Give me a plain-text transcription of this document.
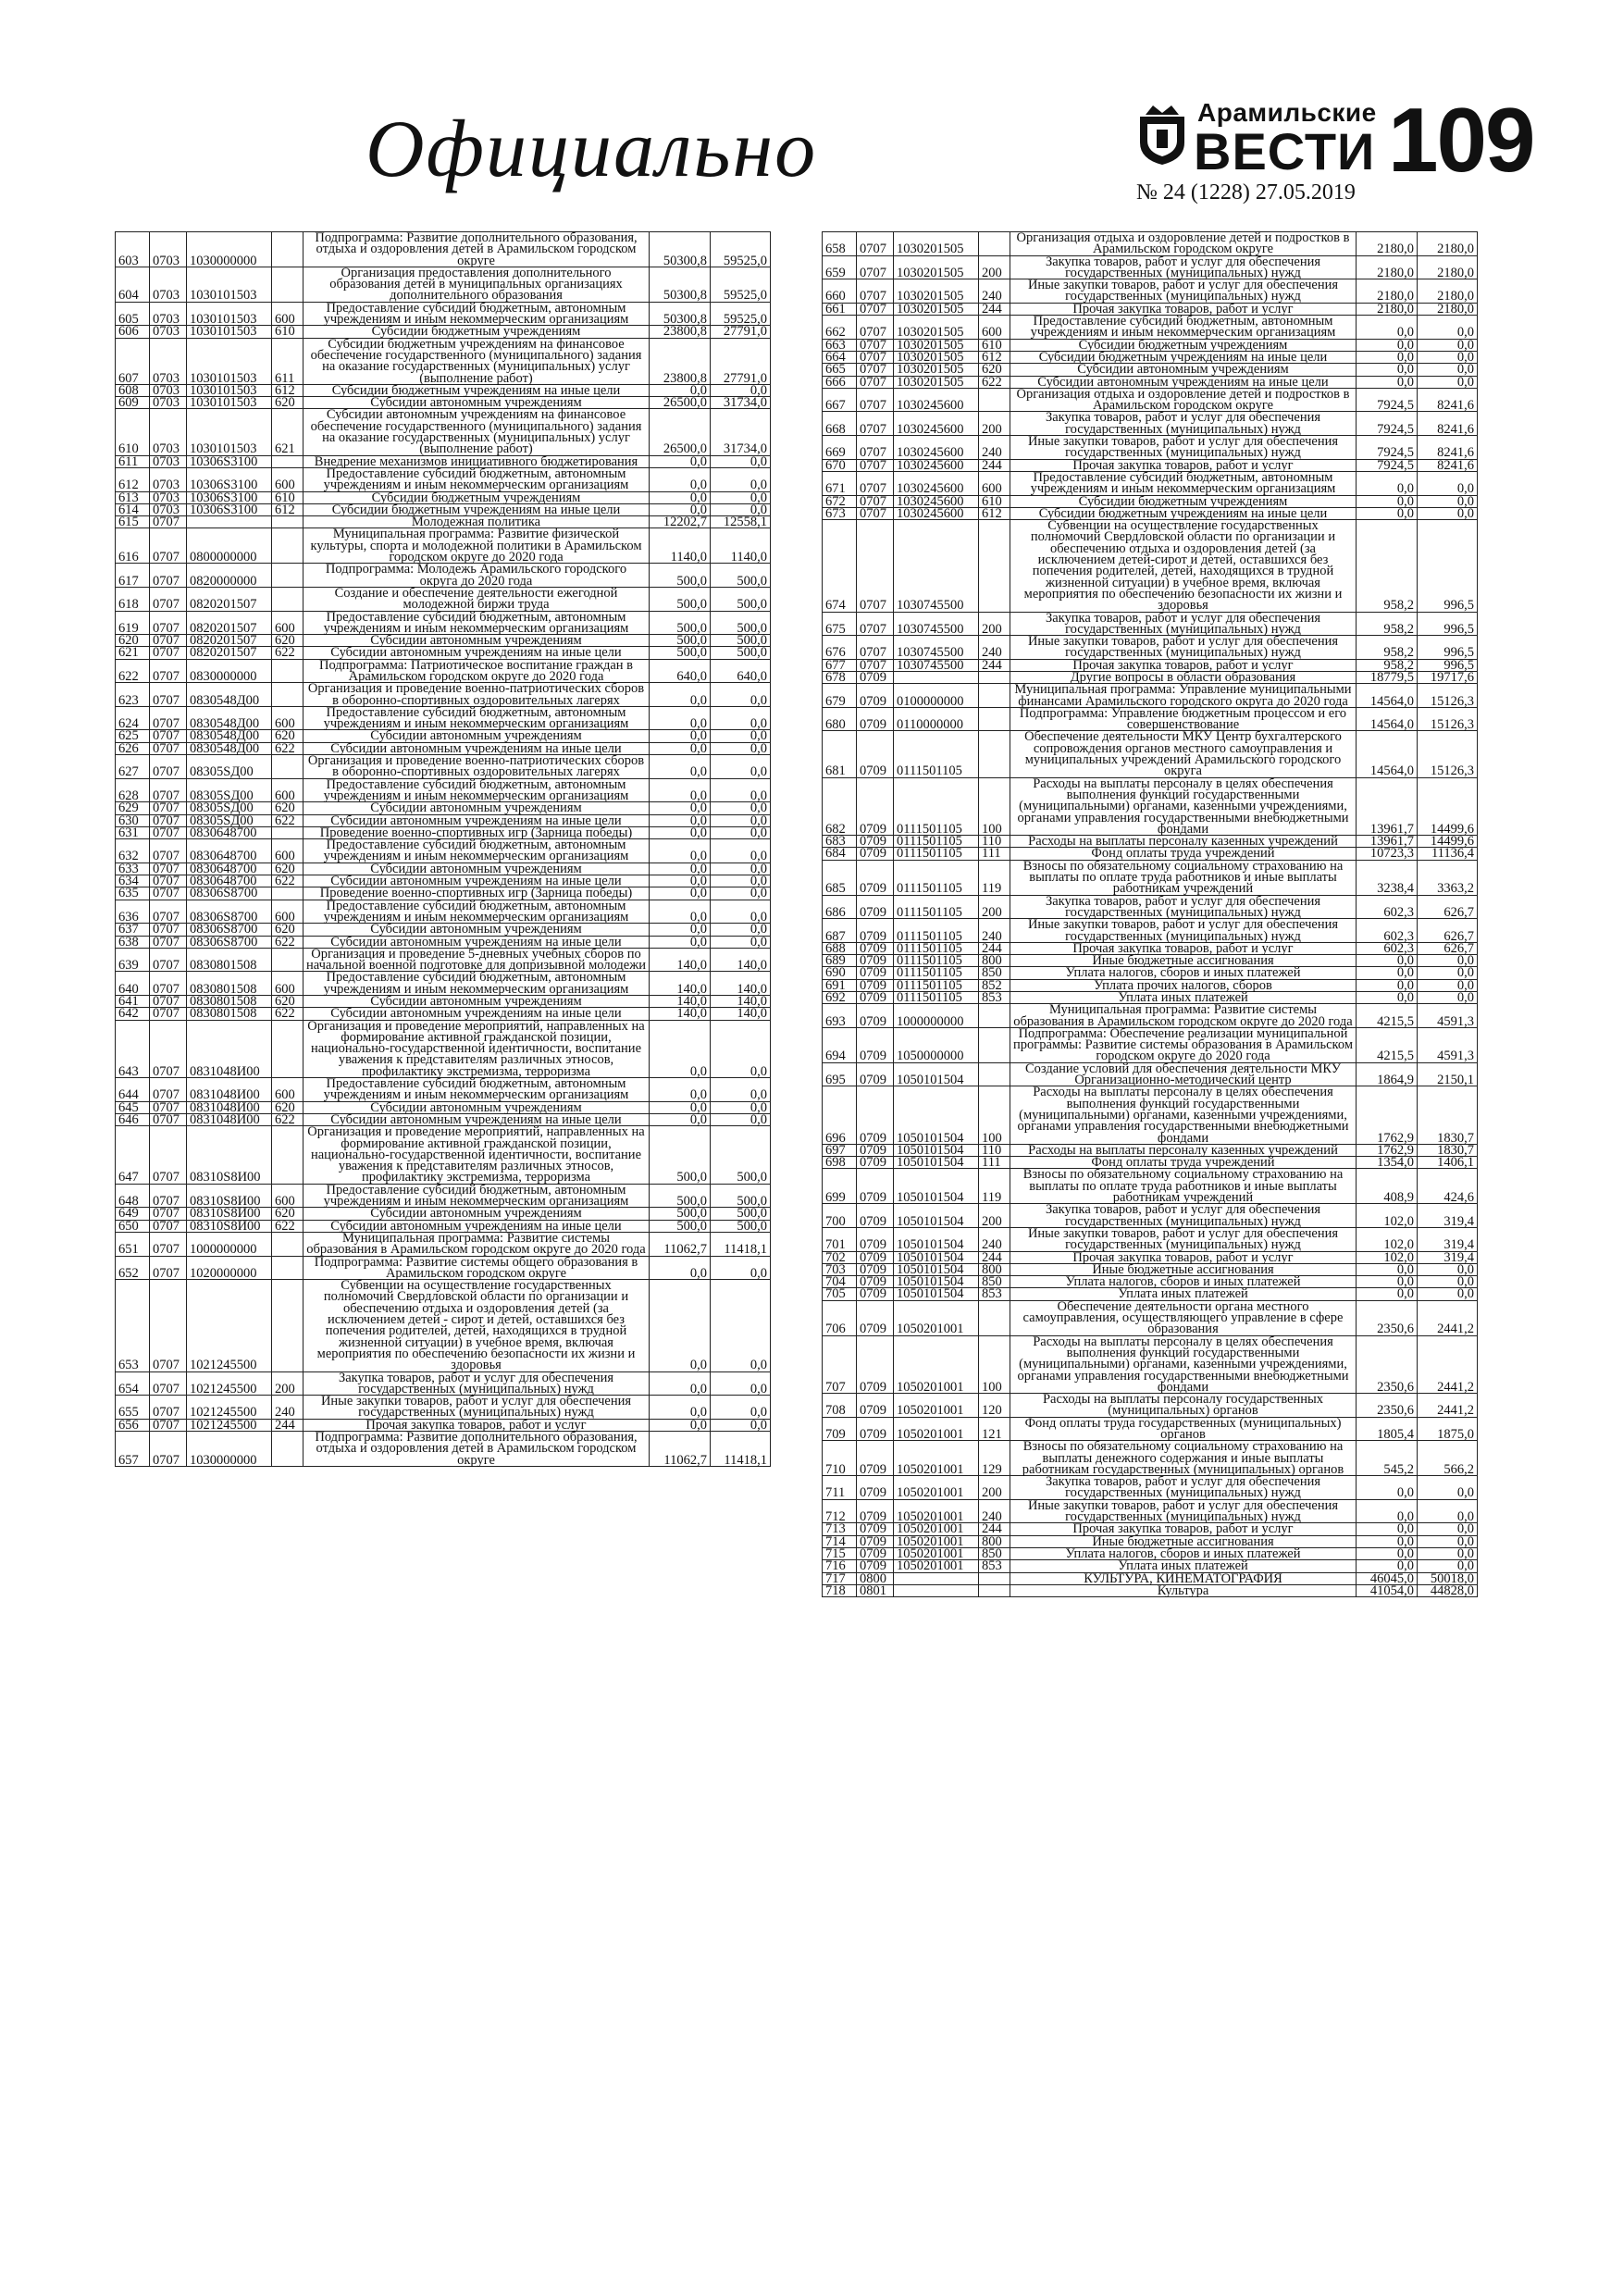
Официально	Арамильские
ВЕСТИ 109
№ 24 (1228) 27.05.2019
603	0703	1030000000		Подпрограмма: Развитие дополнительного образования, отдыха и оздоровления детей в Арамильском городском округе	50300,8	59525,0
604	0703	1030101503		Организация предоставления дополнительного образования детей в муниципальных организациях дополнительного образования	50300,8	59525,0
605	0703	1030101503	600	Предоставление субсидий бюджетным, автономным учреждениям и иным некоммерческим организациям	50300,8	59525,0
606	0703	1030101503	610	Субсидии бюджетным учреждениям	23800,8	27791,0
607	0703	1030101503	611	Субсидии бюджетным учреждениям на финансовое обеспечение государственного (муниципального) задания на оказание государственных (муниципальных) услуг (выполнение работ)	23800,8	27791,0
608	0703	1030101503	612	Субсидии бюджетным учреждениям на иные цели	0,0	0,0
609	0703	1030101503	620	Субсидии автономным учреждениям	26500,0	31734,0
610	0703	1030101503	621	Субсидии автономным учреждениям на финансовое обеспечение государственного (муниципального) задания на оказание государственных (муниципальных) услуг (выполнение работ)	26500,0	31734,0
611	0703	10306S3100		Внедрение механизмов инициативного бюджетирования	0,0	0,0
612	0703	10306S3100	600	Предоставление субсидий бюджетным, автономным учреждениям и иным некоммерческим организациям	0,0	0,0
613	0703	10306S3100	610	Субсидии бюджетным учреждениям	0,0	0,0
614	0703	10306S3100	612	Субсидии бюджетным учреждениям на иные цели	0,0	0,0
615	0707			Молодежная политика	12202,7	12558,1
616	0707	0800000000		Муниципальная программа: Развитие физической культуры, спорта и молодежной политики в Арамильском городском округе до 2020 года	1140,0	1140,0
617	0707	0820000000		Подпрограмма: Молодежь Арамильского городского округа до 2020 года	500,0	500,0
618	0707	0820201507		Создание и обеспечение деятельности ежегодной молодежной биржи труда	500,0	500,0
619	0707	0820201507	600	Предоставление субсидий бюджетным, автономным учреждениям и иным некоммерческим организациям	500,0	500,0
620	0707	0820201507	620	Субсидии автономным учреждениям	500,0	500,0
621	0707	0820201507	622	Субсидии автономным учреждениям на иные цели	500,0	500,0
622	0707	0830000000		Подпрограмма: Патриотическое воспитание граждан в Арамильском городском округе до 2020 года	640,0	640,0
623	0707	0830548Д00		Организация и проведение военно-патриотических сборов в оборонно-спортивных оздоровительных лагерях	0,0	0,0
624	0707	0830548Д00	600	Предоставление субсидий бюджетным, автономным учреждениям и иным некоммерческим организациям	0,0	0,0
625	0707	0830548Д00	620	Субсидии автономным учреждениям	0,0	0,0
626	0707	0830548Д00	622	Субсидии автономным учреждениям на иные цели	0,0	0,0
627	0707	08305SД00		Организация и проведение военно-патриотических сборов в оборонно-спортивных оздоровительных лагерях	0,0	0,0
628	0707	08305SД00	600	Предоставление субсидий бюджетным, автономным учреждениям и иным некоммерческим организациям	0,0	0,0
629	0707	08305SД00	620	Субсидии автономным учреждениям	0,0	0,0
630	0707	08305SД00	622	Субсидии автономным учреждениям на иные цели	0,0	0,0
631	0707	0830648700		Проведение военно-спортивных игр (Зарница победы)	0,0	0,0
632	0707	0830648700	600	Предоставление субсидий бюджетным, автономным учреждениям и иным некоммерческим организациям	0,0	0,0
633	0707	0830648700	620	Субсидии автономным учреждениям	0,0	0,0
634	0707	0830648700	622	Субсидии автономным учреждениям на иные цели	0,0	0,0
635	0707	08306S8700		Проведение военно-спортивных игр (Зарница победы)	0,0	0,0
636	0707	08306S8700	600	Предоставление субсидий бюджетным, автономным учреждениям и иным некоммерческим организациям	0,0	0,0
637	0707	08306S8700	620	Субсидии автономным учреждениям	0,0	0,0
638	0707	08306S8700	622	Субсидии автономным учреждениям на иные цели	0,0	0,0
639	0707	0830801508		Организация и проведение 5-дневных учебных сборов по начальной военной подготовке для допризывной молодежи	140,0	140,0
640	0707	0830801508	600	Предоставление субсидий бюджетным, автономным учреждениям и иным некоммерческим организациям	140,0	140,0
641	0707	0830801508	620	Субсидии автономным учреждениям	140,0	140,0
642	0707	0830801508	622	Субсидии автономным учреждениям на иные цели	140,0	140,0
643	0707	0831048И00		Организация и проведение мероприятий, направленных на формирование активной гражданской позиции, национально-государственной идентичности, воспитание уважения к представителям различных этносов, профилактику экстремизма, терроризма	0,0	0,0
644	0707	0831048И00	600	Предоставление субсидий бюджетным, автономным учреждениям и иным некоммерческим организациям	0,0	0,0
645	0707	0831048И00	620	Субсидии автономным учреждениям	0,0	0,0
646	0707	0831048И00	622	Субсидии автономным учреждениям на иные цели	0,0	0,0
647	0707	08310S8И00		Организация и проведение мероприятий, направленных на формирование активной гражданской позиции, национально-государственной идентичности, воспитание уважения к представителям различных этносов, профилактику экстремизма, терроризма	500,0	500,0
648	0707	08310S8И00	600	Предоставление субсидий бюджетным, автономным учреждениям и иным некоммерческим организациям	500,0	500,0
649	0707	08310S8И00	620	Субсидии автономным учреждениям	500,0	500,0
650	0707	08310S8И00	622	Субсидии автономным учреждениям на иные цели	500,0	500,0
651	0707	1000000000		Муниципальная программа: Развитие системы образования в Арамильском городском округе до 2020 года	11062,7	11418,1
652	0707	1020000000		Подпрограмма: Развитие системы общего образования в Арамильском городском округе	0,0	0,0
653	0707	1021245500		Субвенции на осуществление государственных полномочий Свердловской области по организации и обеспечению отдыха и оздоровления детей (за исключением детей - сирот и детей, оставшихся без попечения родителей, детей, находящихся в трудной жизненной ситуации) в учебное время, включая мероприятия по обеспечению безопасности их жизни и здоровья	0,0	0,0
654	0707	1021245500	200	Закупка товаров, работ и услуг для обеспечения государственных (муниципальных) нужд	0,0	0,0
655	0707	1021245500	240	Иные закупки товаров, работ и услуг для обеспечения государственных (муниципальных) нужд	0,0	0,0
656	0707	1021245500	244	Прочая закупка товаров, работ и услуг	0,0	0,0
657	0707	1030000000		Подпрограмма: Развитие дополнительного образования, отдыха и оздоровления детей в Арамильском городском округе	11062,7	11418,1
658	0707	1030201505		Организация отдыха и оздоровление детей и подростков в Арамильском городском округе	2180,0	2180,0
659	0707	1030201505	200	Закупка товаров, работ и услуг для обеспечения государственных (муниципальных) нужд	2180,0	2180,0
660	0707	1030201505	240	Иные закупки товаров, работ и услуг для обеспечения государственных (муниципальных) нужд	2180,0	2180,0
661	0707	1030201505	244	Прочая закупка товаров, работ и услуг	2180,0	2180,0
662	0707	1030201505	600	Предоставление субсидий бюджетным, автономным учреждениям и иным некоммерческим организациям	0,0	0,0
663	0707	1030201505	610	Субсидии бюджетным учреждениям	0,0	0,0
664	0707	1030201505	612	Субсидии бюджетным учреждениям на иные цели	0,0	0,0
665	0707	1030201505	620	Субсидии автономным учреждениям	0,0	0,0
666	0707	1030201505	622	Субсидии автономным учреждениям на иные цели	0,0	0,0
667	0707	1030245600		Организация отдыха и оздоровление детей и подростков в Арамильском городском округе	7924,5	8241,6
668	0707	1030245600	200	Закупка товаров, работ и услуг для обеспечения государственных (муниципальных) нужд	7924,5	8241,6
669	0707	1030245600	240	Иные закупки товаров, работ и услуг для обеспечения государственных (муниципальных) нужд	7924,5	8241,6
670	0707	1030245600	244	Прочая закупка товаров, работ и услуг	7924,5	8241,6
671	0707	1030245600	600	Предоставление субсидий бюджетным, автономным учреждениям и иным некоммерческим организациям	0,0	0,0
672	0707	1030245600	610	Субсидии бюджетным учреждениям	0,0	0,0
673	0707	1030245600	612	Субсидии бюджетным учреждениям на иные цели	0,0	0,0
674	0707	1030745500		Субвенции на осуществление государственных полномочий Свердловской области по организации и обеспечению отдыха и оздоровления детей (за исключением детей-сирот и детей, оставшихся без попечения родителей, детей, находящихся в трудной жизненной ситуации) в учебное время, включая мероприятия по обеспечению безопасности их жизни и здоровья	958,2	996,5
675	0707	1030745500	200	Закупка товаров, работ и услуг для обеспечения государственных (муниципальных) нужд	958,2	996,5
676	0707	1030745500	240	Иные закупки товаров, работ и услуг для обеспечения государственных (муниципальных) нужд	958,2	996,5
677	0707	1030745500	244	Прочая закупка товаров, работ и услуг	958,2	996,5
678	0709			Другие вопросы в области образования	18779,5	19717,6
679	0709	0100000000		Муниципальная программа: Управление муниципальными финансами Арамильского городского округа до 2020 года	14564,0	15126,3
680	0709	0110000000		Подпрограмма: Управление бюджетным процессом и его совершенствование	14564,0	15126,3
681	0709	0111501105		Обеспечение деятельности МКУ Центр бухгалтерского сопровождения органов местного самоуправления и муниципальных учреждений Арамильского городского округа	14564,0	15126,3
682	0709	0111501105	100	Расходы на выплаты персоналу в целях обеспечения выполнения функций государственными (муниципальными) органами, казенными учреждениями, органами управления государственными внебюджетными фондами	13961,7	14499,6
683	0709	0111501105	110	Расходы на выплаты персоналу казенных учреждений	13961,7	14499,6
684	0709	0111501105	111	Фонд оплаты труда учреждений	10723,3	11136,4
685	0709	0111501105	119	Взносы по обязательному социальному страхованию на выплаты по оплате труда работников и иные выплаты работникам учреждений	3238,4	3363,2
686	0709	0111501105	200	Закупка товаров, работ и услуг для обеспечения государственных (муниципальных) нужд	602,3	626,7
687	0709	0111501105	240	Иные закупки товаров, работ и услуг для обеспечения государственных (муниципальных) нужд	602,3	626,7
688	0709	0111501105	244	Прочая закупка товаров, работ и услуг	602,3	626,7
689	0709	0111501105	800	Иные бюджетные ассигнования	0,0	0,0
690	0709	0111501105	850	Уплата налогов, сборов и иных платежей	0,0	0,0
691	0709	0111501105	852	Уплата прочих налогов, сборов	0,0	0,0
692	0709	0111501105	853	Уплата иных платежей	0,0	0,0
693	0709	1000000000		Муниципальная программа: Развитие системы образования в Арамильском городском округе до 2020 года	4215,5	4591,3
694	0709	1050000000		Подпрограмма: Обеспечение реализации муниципальной программы: Развитие системы образования в Арамильском городском округе до 2020 года	4215,5	4591,3
695	0709	1050101504		Создание условий для обеспечения деятельности МКУ Организационно-методический центр	1864,9	2150,1
696	0709	1050101504	100	Расходы на выплаты персоналу в целях обеспечения выполнения функций государственными (муниципальными) органами, казенными учреждениями, органами управления государственными внебюджетными фондами	1762,9	1830,7
697	0709	1050101504	110	Расходы на выплаты персоналу казенных учреждений	1762,9	1830,7
698	0709	1050101504	111	Фонд оплаты труда учреждений	1354,0	1406,1
699	0709	1050101504	119	Взносы по обязательному социальному страхованию на выплаты по оплате труда работников и иные выплаты работникам учреждений	408,9	424,6
700	0709	1050101504	200	Закупка товаров, работ и услуг для обеспечения государственных (муниципальных) нужд	102,0	319,4
701	0709	1050101504	240	Иные закупки товаров, работ и услуг для обеспечения государственных (муниципальных) нужд	102,0	319,4
702	0709	1050101504	244	Прочая закупка товаров, работ и услуг	102,0	319,4
703	0709	1050101504	800	Иные бюджетные ассигнования	0,0	0,0
704	0709	1050101504	850	Уплата налогов, сборов и иных платежей	0,0	0,0
705	0709	1050101504	853	Уплата иных платежей	0,0	0,0
706	0709	1050201001		Обеспечение деятельности органа местного самоуправления, осуществляющего управление в сфере образования	2350,6	2441,2
707	0709	1050201001	100	Расходы на выплаты персоналу в целях обеспечения выполнения функций государственными (муниципальными) органами, казенными учреждениями, органами управления государственными внебюджетными фондами	2350,6	2441,2
708	0709	1050201001	120	Расходы на выплаты персоналу государственных (муниципальных) органов	2350,6	2441,2
709	0709	1050201001	121	Фонд оплаты труда государственных (муниципальных) органов	1805,4	1875,0
710	0709	1050201001	129	Взносы по обязательному социальному страхованию на выплаты денежного содержания и иные выплаты работникам государственных (муниципальных) органов	545,2	566,2
711	0709	1050201001	200	Закупка товаров, работ и услуг для обеспечения государственных (муниципальных) нужд	0,0	0,0
712	0709	1050201001	240	Иные закупки товаров, работ и услуг для обеспечения государственных (муниципальных) нужд	0,0	0,0
713	0709	1050201001	244	Прочая закупка товаров, работ и услуг	0,0	0,0
714	0709	1050201001	800	Иные бюджетные ассигнования	0,0	0,0
715	0709	1050201001	850	Уплата налогов, сборов и иных платежей	0,0	0,0
716	0709	1050201001	853	Уплата иных платежей	0,0	0,0
717	0800			КУЛЬТУРА, КИНЕМАТОГРАФИЯ	46045,0	50018,0
718	0801			Культура	41054,0	44828,0
